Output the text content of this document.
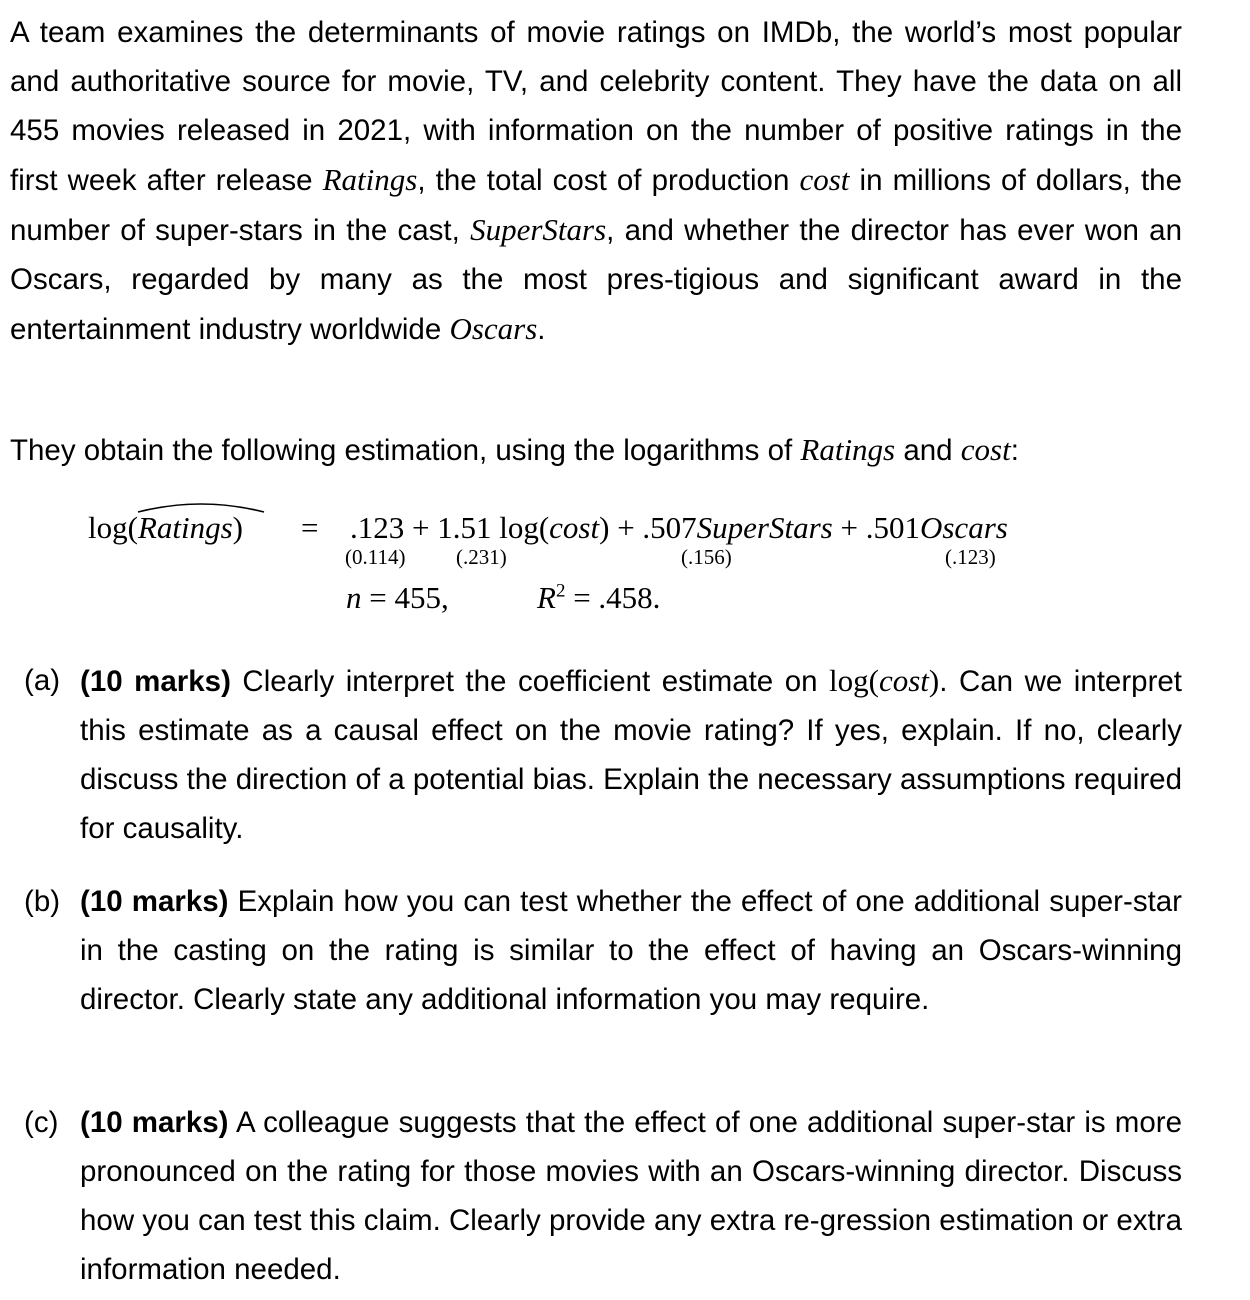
A team examines the determinants of movie ratings on IMDb, the world’s most popular and authoritative source for movie, TV, and celebrity content. They have the data on all 455 movies released in 2021, with information on the number of positive ratings in the first week after release Ratings, the total cost of production cost in millions of dollars, the number of super-stars in the cast, SuperStars, and whether the director has ever won an Oscars, regarded by many as the most pres-tigious and significant award in the entertainment industry worldwide Oscars.

They obtain the following estimation, using the logarithms of Ratings and cost:

log(
Ratings) = .123 + 1.51 log(cost) + .507SuperStars + .501Oscars
(0.114) (.231)	(.156)	(.123)
n = 455,	$R^2 = .458$.
(a) (10 marks) Clearly interpret the coefficient estimate on log(cost). Can we interpret this estimate as a causal effect on the movie rating? If yes, explain. If no, clearly discuss the direction of a potential bias. Explain the necessary assumptions required for causality.
(b) (10 marks) Explain how you can test whether the effect of one additional super-star in the casting on the rating is similar to the effect of having an Oscars-winning director. Clearly state any additional information you may require.
(c) (10 marks) A colleague suggests that the effect of one additional super-star is more pronounced on the rating for those movies with an Oscars-winning director. Discuss how you can test this claim. Clearly provide any extra re-gression estimation or extra information needed.
